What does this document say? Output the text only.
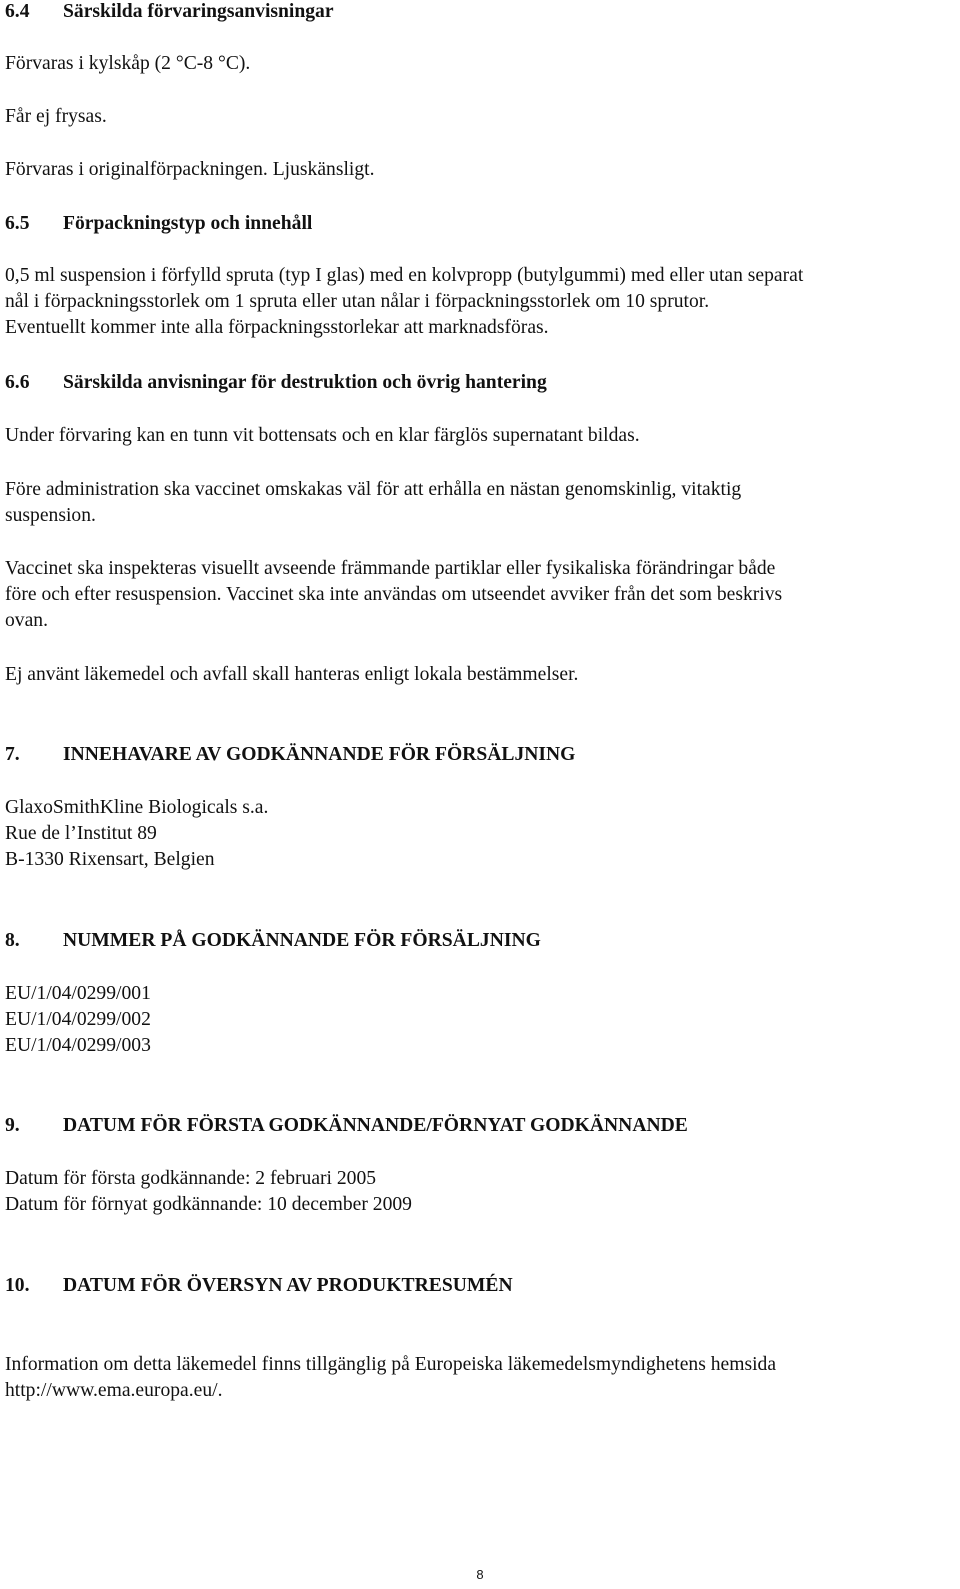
6.4 Särskilda förvaringsanvisningar

Förvaras i kylskåp (2 °C-8 °C).

Får ej frysas.

Förvaras i originalförpackningen. Ljuskänsligt.

6.5 Förpackningstyp och innehåll

0,5 ml suspension i förfylld spruta (typ I glas) med en kolvpropp (butylgummi) med eller utan separat

nål i förpackningsstorlek om 1 spruta eller utan nålar i förpackningsstorlek om 10 sprutor.

Eventuellt kommer inte alla förpackningsstorlekar att marknadsföras.

6.6 Särskilda anvisningar för destruktion och övrig hantering

Under förvaring kan en tunn vit bottensats och en klar färglös supernatant bildas.

Före administration ska vaccinet omskakas väl för att erhålla en nästan genomskinlig, vitaktig

suspension.

Vaccinet ska inspekteras visuellt avseende främmande partiklar eller fysikaliska förändringar både

före och efter resuspension. Vaccinet ska inte användas om utseendet avviker från det som beskrivs

ovan.

Ej använt läkemedel och avfall skall hanteras enligt lokala bestämmelser.

7. INNEHAVARE AV GODKÄNNANDE FÖR FÖRSÄLJNING

GlaxoSmithKline Biologicals s.a.

Rue de l’Institut 89

B-1330 Rixensart, Belgien

8. NUMMER PÅ GODKÄNNANDE FÖR FÖRSÄLJNING

EU/1/04/0299/001

EU/1/04/0299/002

EU/1/04/0299/003

9. DATUM FÖR FÖRSTA GODKÄNNANDE/FÖRNYAT GODKÄNNANDE

Datum för första godkännande: 2 februari 2005

Datum för förnyat godkännande: 10 december 2009

10. DATUM FÖR ÖVERSYN AV PRODUKTRESUMÉN

Information om detta läkemedel finns tillgänglig på Europeiska läkemedelsmyndighetens hemsida

http://www.ema.europa.eu/.

8
